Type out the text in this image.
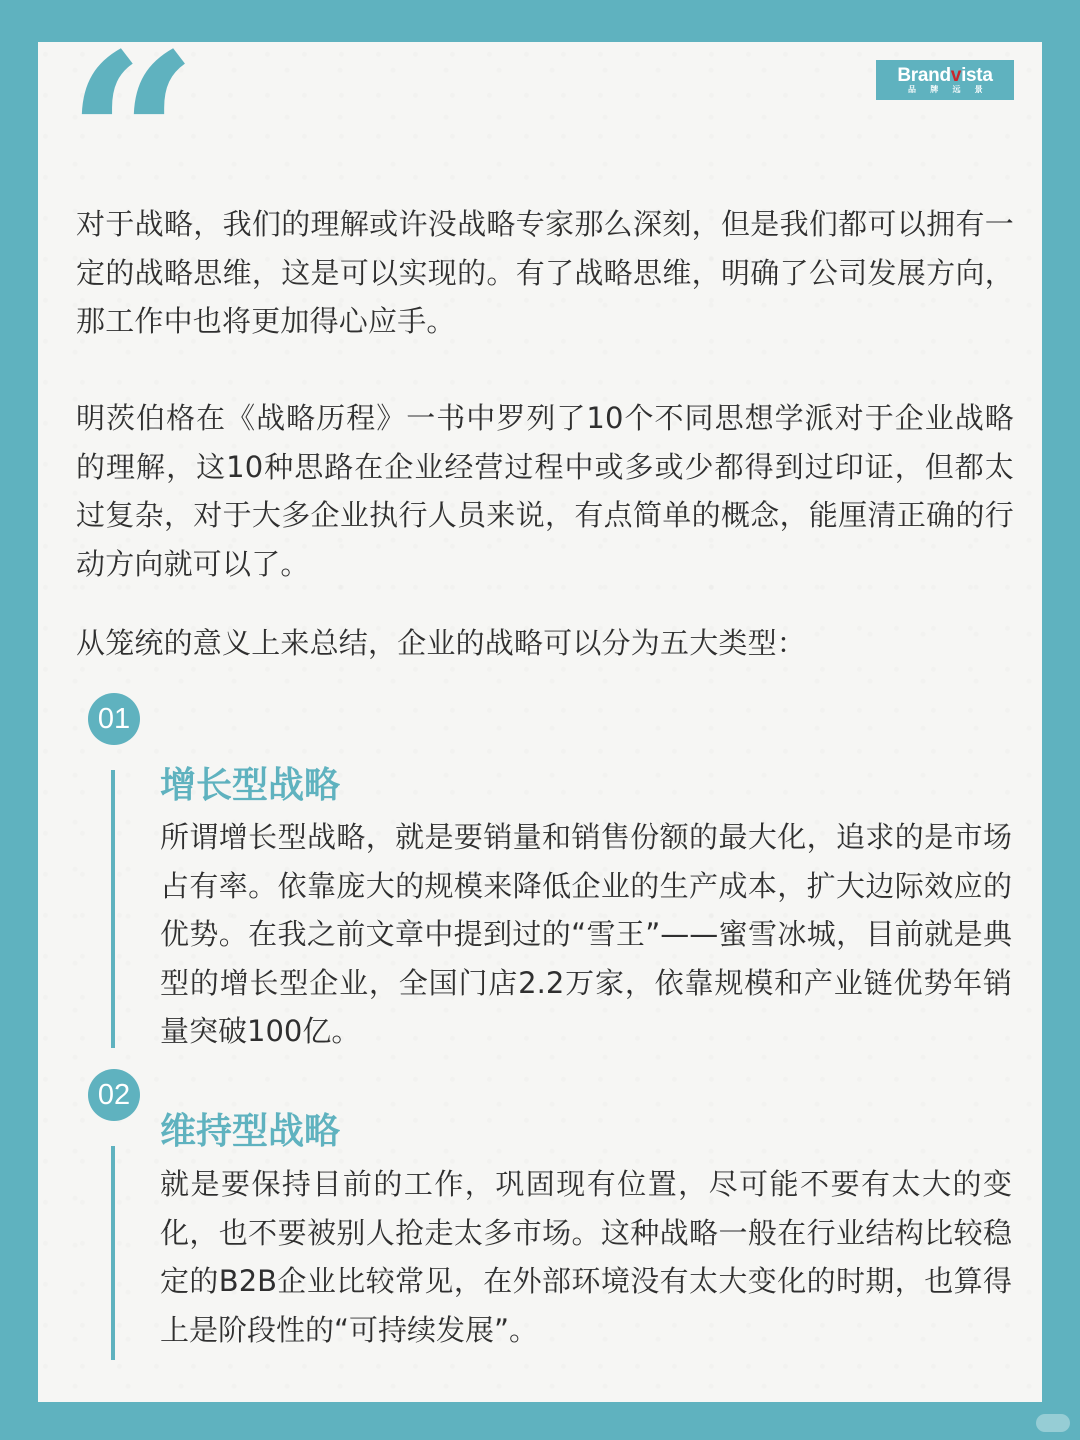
“	Brandvista
品 牌 远 景

对于战略，我们的理解或许没战略专家那么深刻，但是我们都可以拥有一定的战略思维，这是可以实现的。有了战略思维，明确了公司发展方向，那工作中也将更加得心应手。

明茨伯格在《战略历程》一书中罗列了10个不同思想学派对于企业战略的理解，这10种思路在企业经营过程中或多或少都得到过印证，但都太过复杂，对于大多企业执行人员来说，有点简单的概念，能厘清正确的行动方向就可以了。

从笼统的意义上来总结，企业的战略可以分为五大类型：

01
增长型战略

所谓增长型战略，就是要销量和销售份额的最大化，追求的是市场占有率。依靠庞大的规模来降低企业的生产成本，扩大边际效应的优势。在我之前文章中提到过的“雪王”——蜜雪冰城，目前就是典型的增长型企业，全国门店2.2万家，依靠规模和产业链优势年销量突破100亿。

02
维持型战略

就是要保持目前的工作，巩固现有位置，尽可能不要有太大的变化，也不要被别人抢走太多市场。这种战略一般在行业结构比较稳定的B2B企业比较常见，在外部环境没有太大变化的时期，也算得上是阶段性的“可持续发展”。
